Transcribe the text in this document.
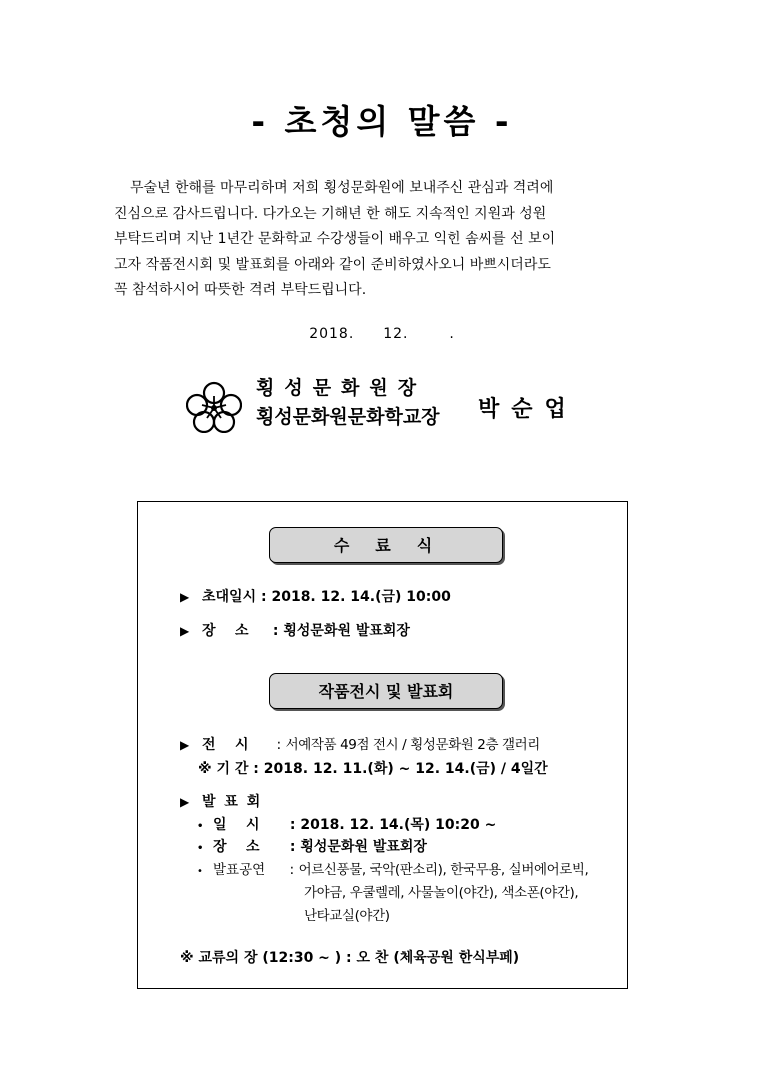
- 초청의 말씀 -
무술년 한해를 마무리하며 저희 횡성문화원에 보내주신 관심과 격려에
진심으로 감사드립니다. 다가오는 기해년 한 해도 지속적인 지원과 성원
부탁드리며 지난 1년간 문화학교 수강생들이 배우고 익힌 솜씨를 선 보이
고자 작품전시회 및 발표회를 아래와 같이 준비하였사오니 바쁘시더라도
꼭 참석하시어 따뜻한 격려 부탁드립니다.
2018. 12.	.
횡성문화원장
횡성문화원문화학교장 박순업
수료식
▶ 초대일시 : 2018. 12. 14.(금) 10:00
▶ 장    소 : 횡성문화원 발표회장
작품전시 및 발표회
▶ 전    시 : 서예작품 49점 전시 / 횡성문화원 2층 갤러리
※ 기 간 : 2018. 12. 11.(화) ~ 12. 14.(금) / 4일간
▶ 발 표 회
• 일    시 : 2018. 12. 14.(목) 10:20 ~
• 장    소 : 횡성문화원 발표회장
• 발표공연 : 어르신풍물, 국악(판소리), 한국무용, 실버에어로빅,
가야금, 우쿨렐레, 사물놀이(야간), 색소폰(야간),
난타교실(야간)
※ 교류의 장 (12:30 ~ ) : 오 찬 (체육공원 한식부페)
